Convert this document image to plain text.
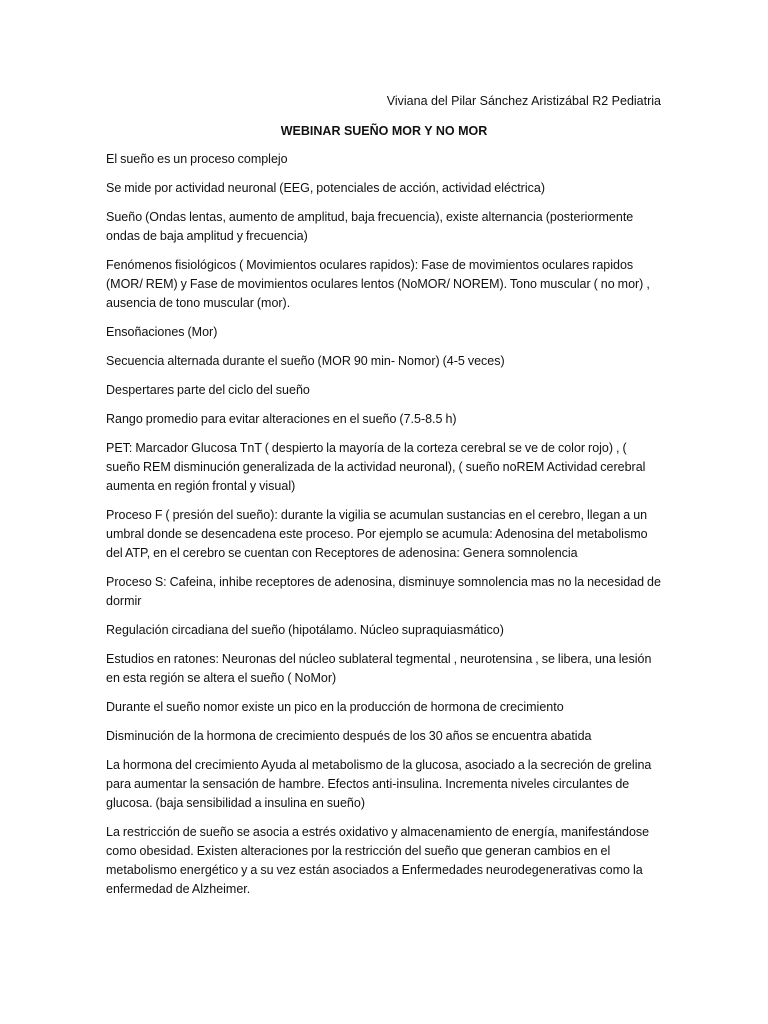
Viviana del Pilar Sánchez Aristizábal R2 Pediatria
WEBINAR SUEÑO MOR Y NO MOR

El sueño es un proceso complejo

Se mide por actividad neuronal (EEG, potenciales de acción, actividad eléctrica)

Sueño (Ondas lentas, aumento de amplitud, baja frecuencia), existe alternancia (posteriormente ondas de baja amplitud y frecuencia)

Fenómenos fisiológicos ( Movimientos oculares rapidos): Fase de movimientos oculares rapidos (MOR/ REM) y Fase de movimientos oculares lentos (NoMOR/ NOREM). Tono muscular ( no mor) , ausencia de tono muscular (mor).

Ensoñaciones (Mor)

Secuencia alternada durante el sueño (MOR 90 min- Nomor) (4-5 veces)

Despertares parte del ciclo del sueño

Rango promedio para evitar alteraciones en el sueño (7.5-8.5 h)

PET: Marcador Glucosa TnT ( despierto la mayoría de la corteza cerebral se ve de color rojo) , ( sueño REM disminución generalizada de la actividad neuronal), ( sueño noREM Actividad cerebral aumenta en región frontal y visual)

Proceso F ( presión del sueño): durante la vigilia se acumulan sustancias en el cerebro, llegan a un umbral donde se desencadena este proceso. Por ejemplo se acumula: Adenosina del metabolismo del ATP, en el cerebro se cuentan con Receptores de adenosina: Genera somnolencia

Proceso S: Cafeina, inhibe receptores de adenosina, disminuye somnolencia mas no la necesidad de dormir

Regulación circadiana del sueño (hipotálamo. Núcleo supraquiasmático)

Estudios en ratones: Neuronas del núcleo sublateral tegmental , neurotensina , se libera, una lesión en esta región se altera el sueño ( NoMor)

Durante el sueño nomor existe un pico en la producción de hormona de crecimiento

Disminución de la hormona de crecimiento después de los 30 años se encuentra abatida

La hormona del crecimiento Ayuda al metabolismo de la glucosa, asociado a la secreción de grelina para aumentar la sensación de hambre. Efectos anti-insulina. Incrementa niveles circulantes de glucosa. (baja sensibilidad a insulina en sueño)

La restricción de sueño se asocia a estrés oxidativo y almacenamiento de energía, manifestándose como obesidad. Existen alteraciones por la restricción del sueño que generan cambios en el metabolismo energético y a su vez están asociados a Enfermedades neurodegenerativas como la enfermedad de Alzheimer.
